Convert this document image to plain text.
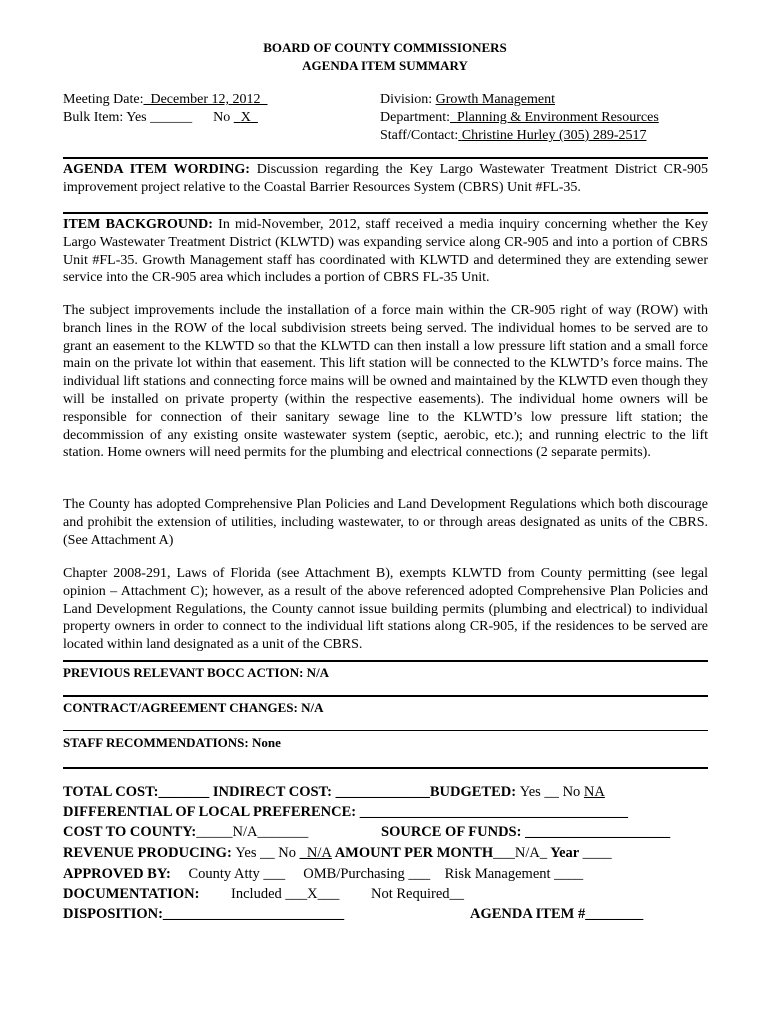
BOARD OF COUNTY COMMISSIONERS
AGENDA ITEM SUMMARY
Meeting Date: December 12, 2012
Bulk Item: Yes ______ No X
Division: Growth Management
Department: Planning & Environment Resources
Staff/Contact: Christine Hurley (305) 289-2517
AGENDA ITEM WORDING: Discussion regarding the Key Largo Wastewater Treatment District CR-905 improvement project relative to the Coastal Barrier Resources System (CBRS) Unit #FL-35.
ITEM BACKGROUND: In mid-November, 2012, staff received a media inquiry concerning whether the Key Largo Wastewater Treatment District (KLWTD) was expanding service along CR-905 and into a portion of CBRS Unit #FL-35. Growth Management staff has coordinated with KLWTD and determined they are extending sewer service into the CR-905 area which includes a portion of CBRS FL-35 Unit.
The subject improvements include the installation of a force main within the CR-905 right of way (ROW) with branch lines in the ROW of the local subdivision streets being served. The individual homes to be served are to grant an easement to the KLWTD so that the KLWTD can then install a low pressure lift station and a small force main on the private lot within that easement. This lift station will be connected to the KLWTD’s force mains. The individual lift stations and connecting force mains will be owned and maintained by the KLWTD even though they will be installed on private property (within the respective easements). The individual home owners will be responsible for connection of their sanitary sewage line to the KLWTD’s low pressure lift station; the decommission of any existing onsite wastewater system (septic, aerobic, etc.); and running electric to the lift station. Home owners will need permits for the plumbing and electrical connections (2 separate permits).
The County has adopted Comprehensive Plan Policies and Land Development Regulations which both discourage and prohibit the extension of utilities, including wastewater, to or through areas designated as units of the CBRS. (See Attachment A)
Chapter 2008-291, Laws of Florida (see Attachment B), exempts KLWTD from County permitting (see legal opinion – Attachment C); however, as a result of the above referenced adopted Comprehensive Plan Policies and Land Development Regulations, the County cannot issue building permits (plumbing and electrical) to individual property owners in order to connect to the individual lift stations along CR-905, if the residences to be served are located within land designated as a unit of the CBRS.
PREVIOUS RELEVANT BOCC ACTION: N/A
CONTRACT/AGREEMENT CHANGES: N/A
STAFF RECOMMENDATIONS: None
TOTAL COST:_______ INDIRECT COST: _____________BUDGETED: Yes __ No NA
DIFFERENTIAL OF LOCAL PREFERENCE: _____________________________________
COST TO COUNTY:_____N/A_______	SOURCE OF FUNDS: ____________________
REVENUE PRODUCING: Yes __ No _N/A AMOUNT PER MONTH___N/A_ Year ____
APPROVED BY: County Atty ___     OMB/Purchasing ___    Risk Management ____
DOCUMENTATION: Included ___X___ Not Required__
DISPOSITION:_________________________	AGENDA ITEM #________
